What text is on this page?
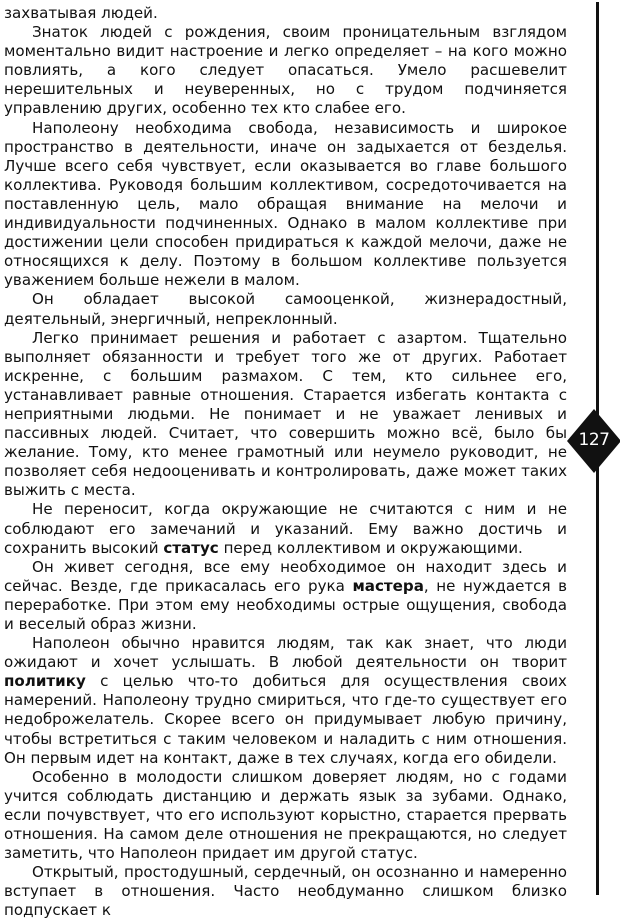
захватывая людей.

Знаток людей с рождения, своим проницательным взглядом моментально видит настроение и легко определяет – на кого можно повлиять, а кого следует опасаться. Умело расшевелит нерешительных и неуверенных, но с трудом подчиняется управлению других, особенно тех кто слабее его.

Наполеону необходима свобода, независимость и широкое пространство в деятельности, иначе он задыхается от безделья. Лучше всего себя чувствует, если оказывается во главе большого коллектива. Руководя большим коллективом, сосредоточивается на поставленную цель, мало обращая внимание на мелочи и индивидуальности подчиненных. Однако в малом коллективе при достижении цели способен придираться к каждой мелочи, даже не относящихся к делу. Поэтому в большом коллективе пользуется уважением больше нежели в малом.

Он обладает высокой самооценкой, жизнерадостный, деятельный, энергичный, непреклонный.

Легко принимает решения и работает с азартом. Тщательно выполняет обязанности и требует того же от других. Работает искренне, с большим размахом. С тем, кто сильнее его, устанавливает равные отношения. Старается избегать контакта с неприятными людьми. Не понимает и не уважает ленивых и пассивных людей. Считает, что совершить можно всё, было бы желание. Тому, кто менее грамотный или неумело руководит, не позволяет себя недооценивать и контролировать, даже может таких выжить с места.

Не переносит, когда окружающие не считаются с ним и не соблюдают его замечаний и указаний. Ему важно достичь и сохранить высокий статус перед коллективом и окружающими.

Он живет сегодня, все ему необходимое он находит здесь и сейчас. Везде, где прикасалась его рука мастера, не нуждается в переработке. При этом ему необходимы острые ощущения, свобода и веселый образ жизни.

Наполеон обычно нравится людям, так как знает, что люди ожидают и хочет услышать. В любой деятельности он творит политику с целью что-то добиться для осуществления своих намерений. Наполеону трудно смириться, что где-то существует его недоброжелатель. Скорее всего он придумывает любую причину, чтобы встретиться с таким человеком и наладить с ним отношения. Он первым идет на контакт, даже в тех случаях, когда его обидели.

Особенно в молодости слишком доверяет людям, но с годами учится соблюдать дистанцию и держать язык за зубами. Однако, если почувствует, что его используют корыстно, старается прервать отношения. На самом деле отношения не прекращаются, но следует заметить, что Наполеон придает им другой статус.

Открытый, простодушный, сердечный, он осознанно и намеренно вступает в отношения. Часто необдуманно слишком близко подпускает к

127
